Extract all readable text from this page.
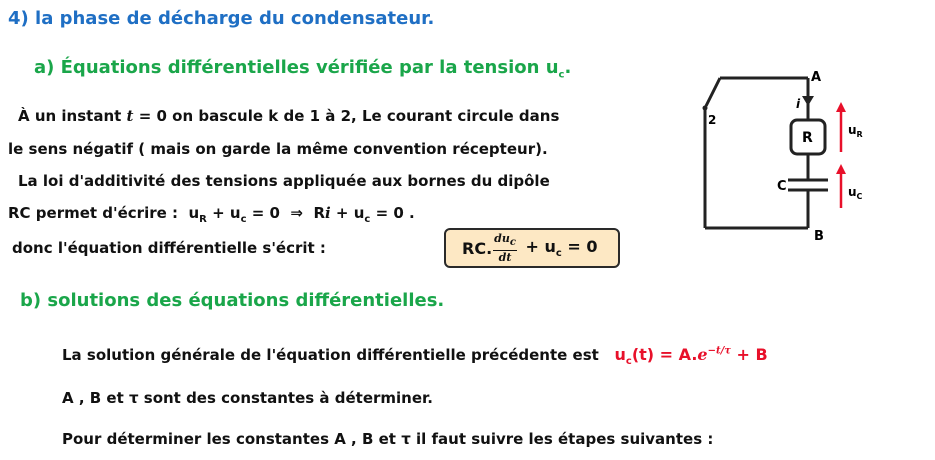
4) la phase de décharge du condensateur.
a) Équations différentielles vérifiée par la tension $u_c$.
À un instant t = 0 on bascule k de 1 à 2, Le courant circule dans
le sens négatif ( mais on garde la même convention récepteur).
La loi d'additivité des tensions appliquée aux bornes du dipôle
RC permet d'écrire : $u_R + u_c = 0$ ⇒ $Ri + u_c = 0$ .
donc l'équation différentielle s'écrit :	RC. $\frac{du_c}{dt} + u_c = 0$
b) solutions des équations différentielles.
La solution générale de l'équation différentielle précédente est $u_c(t) = A.e^{-t/\tau} + B$
A , B et τ sont des constantes à déterminer.
Pour déterminer les constantes A , B et τ il faut suivre les étapes suivantes :
A
B
C
2
i
R	$u_R$
$u_C$
